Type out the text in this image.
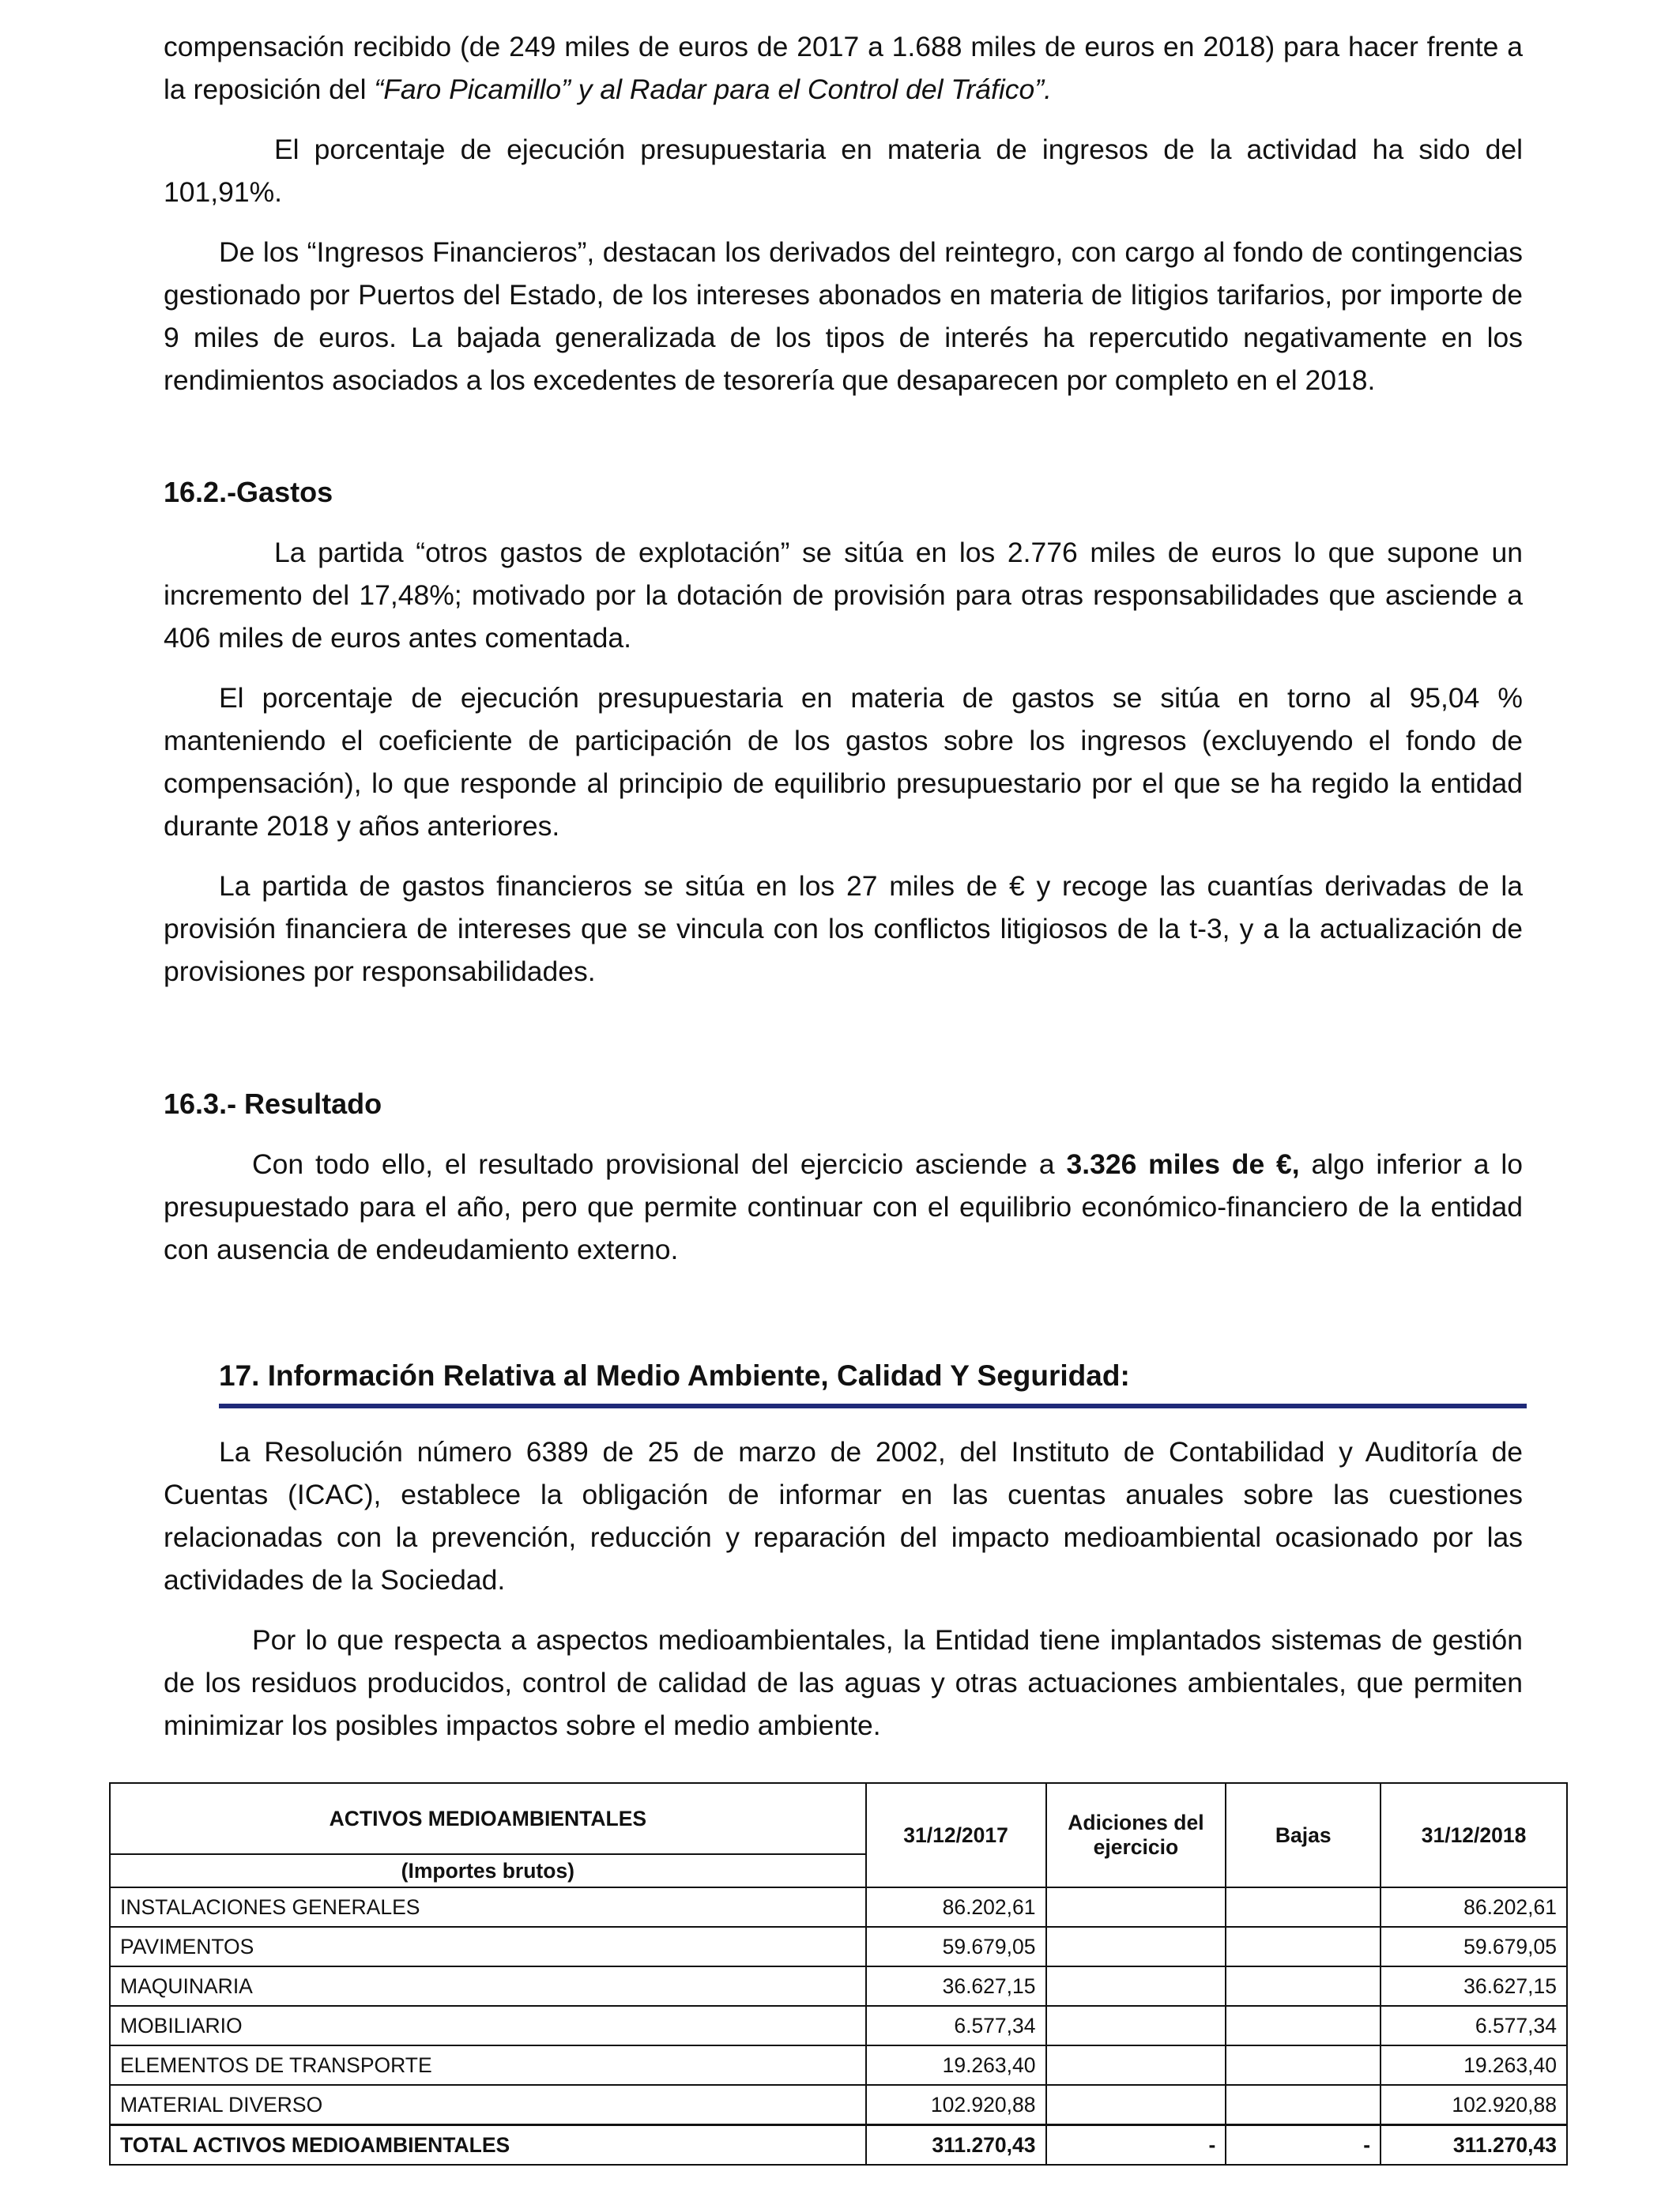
compensación recibido (de 249 miles de euros de 2017 a 1.688 miles de euros en 2018) para hacer frente a la reposición del “Faro Picamillo” y al Radar para el Control del Tráfico”.

El porcentaje de ejecución presupuestaria en materia de ingresos de la actividad ha sido del 101,91%.

De los “Ingresos Financieros”, destacan los derivados del reintegro, con cargo al fondo de contingencias gestionado por Puertos del Estado, de los intereses abonados en materia de litigios tarifarios, por importe de 9 miles de euros. La bajada generalizada de los tipos de interés ha repercutido negativamente en los rendimientos asociados a los excedentes de tesorería que desaparecen por completo en el 2018.

16.2.-Gastos

La partida “otros gastos de explotación” se sitúa en los 2.776 miles de euros lo que supone un incremento del 17,48%; motivado por la dotación de provisión para otras responsabilidades que asciende a 406 miles de euros antes comentada.

El porcentaje de ejecución presupuestaria en materia de gastos se sitúa en torno al 95,04 % manteniendo el coeficiente de participación de los gastos sobre los ingresos (excluyendo el fondo de compensación), lo que responde al principio de equilibrio presupuestario por el que se ha regido la entidad durante 2018 y años anteriores.

La partida de gastos financieros se sitúa en los 27 miles de € y recoge las cuantías derivadas de la provisión financiera de intereses que se vincula con los conflictos litigiosos de la t-3, y a la actualización de provisiones por responsabilidades.

16.3.- Resultado

Con todo ello, el resultado provisional del ejercicio asciende a 3.326 miles de €, algo inferior a lo presupuestado para el año, pero que permite continuar con el equilibrio económico-financiero de la entidad con ausencia de endeudamiento externo.

17. Información Relativa al Medio Ambiente, Calidad Y Seguridad:

La Resolución número 6389 de 25 de marzo de 2002, del Instituto de Contabilidad y Auditoría de Cuentas (ICAC), establece la obligación de informar en las cuentas anuales sobre las cuestiones relacionadas con la prevención, reducción y reparación del impacto medioambiental ocasionado por las actividades de la Sociedad.

Por lo que respecta a aspectos medioambientales, la Entidad tiene implantados sistemas de gestión de los residuos producidos, control de calidad de las aguas y otras actuaciones ambientales, que permiten minimizar los posibles impactos sobre el medio ambiente.

ACTIVOS MEDIOAMBIENTALES	31/12/2017	Adiciones del ejercicio	Bajas	31/12/2018
(Importes brutos)				
INSTALACIONES GENERALES	86.202,61			86.202,61
PAVIMENTOS	59.679,05			59.679,05
MAQUINARIA	36.627,15			36.627,15
MOBILIARIO	6.577,34			6.577,34
ELEMENTOS DE TRANSPORTE	19.263,40			19.263,40
MATERIAL DIVERSO	102.920,88			102.920,88
TOTAL ACTIVOS MEDIOAMBIENTALES	311.270,43	-	-	311.270,43
